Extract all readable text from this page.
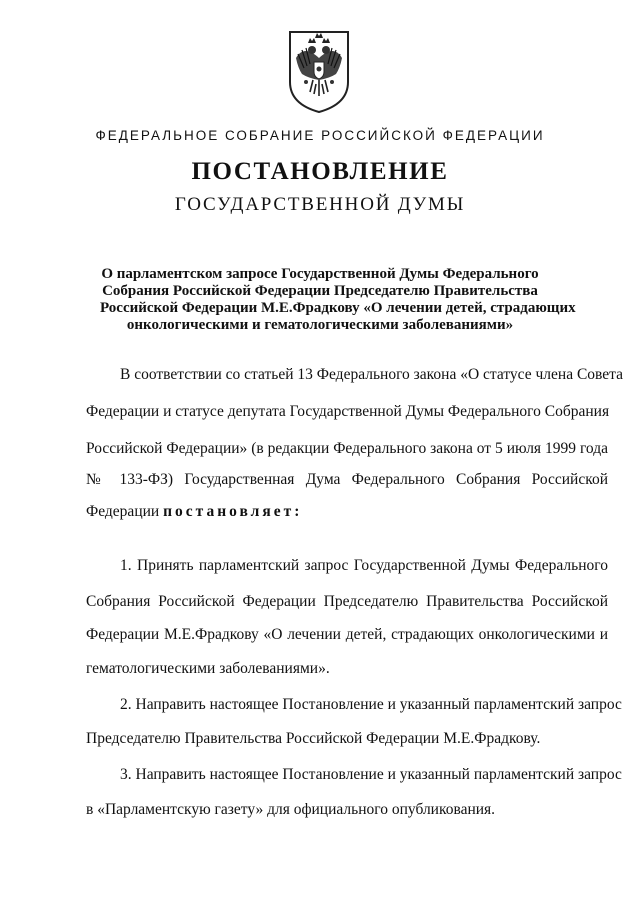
ФЕДЕРАЛЬНОЕ СОБРАНИЕ РОССИЙСКОЙ ФЕДЕРАЦИИ
ПОСТАНОВЛЕНИЕ
ГОСУДАРСТВЕННОЙ ДУМЫ
О парламентском запросе Государственной Думы Федерального
Собрания Российской Федерации Председателю Правительства
Российской Федерации М.Е.Фрадкову «О лечении детей, страдающих
онкологическими и гематологическими заболеваниями»
В соответствии со статьей 13 Федерального закона «О статусе члена Совета
Федерации и статусе депутата Государственной Думы Федерального Собрания
Российской Федерации» (в редакции Федерального закона от 5 июля 1999 года
№ 133-ФЗ) Государственная Дума Федерального Собрания Российской
Федерации постановляет:
1. Принять парламентский запрос Государственной Думы Федерального
Собрания Российской Федерации Председателю Правительства Российской
Федерации М.Е.Фрадкову «О лечении детей, страдающих онкологическими и
гематологическими заболеваниями».
2. Направить настоящее Постановление и указанный парламентский запрос
Председателю Правительства Российской Федерации М.Е.Фрадкову.
3. Направить настоящее Постановление и указанный парламентский запрос
в «Парламентскую газету» для официального опубликования.
